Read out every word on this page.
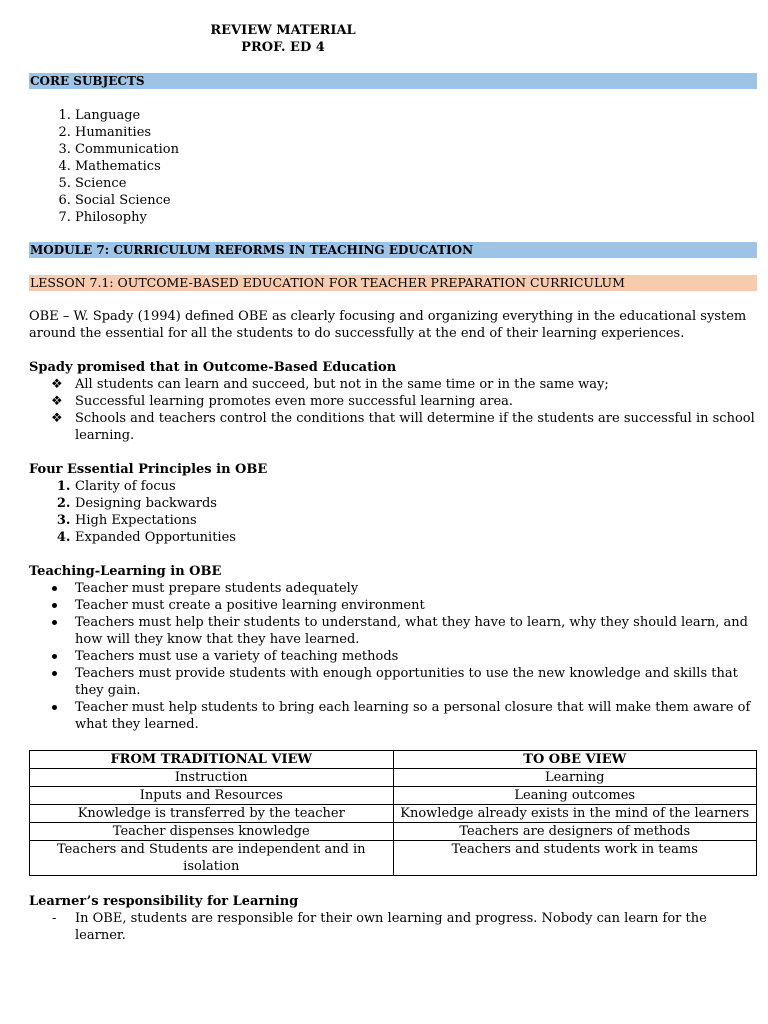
REVIEW MATERIAL
PROF. ED 4
CORE SUBJECTS
1. Language
2. Humanities
3. Communication
4. Mathematics
5. Science
6. Social Science
7. Philosophy
MODULE 7: CURRICULUM REFORMS IN TEACHING EDUCATION
LESSON 7.1: OUTCOME-BASED EDUCATION FOR TEACHER PREPARATION CURRICULUM
OBE – W. Spady (1994) defined OBE as clearly focusing and organizing everything in the educational system around the essential for all the students to do successfully at the end of their learning experiences.
Spady promised that in Outcome-Based Education
❖ All students can learn and succeed, but not in the same time or in the same way;
❖ Successful learning promotes even more successful learning area.
❖ Schools and teachers control the conditions that will determine if the students are successful in school learning.
Four Essential Principles in OBE
1. Clarity of focus
2. Designing backwards
3. High Expectations
4. Expanded Opportunities
Teaching-Learning in OBE
Teacher must prepare students adequately
Teacher must create a positive learning environment
Teachers must help their students to understand, what they have to learn, why they should learn, and how will they know that they have learned.
Teachers must use a variety of teaching methods
Teachers must provide students with enough opportunities to use the new knowledge and skills that they gain.
Teacher must help students to bring each learning so a personal closure that will make them aware of what they learned.
FROM TRADITIONAL VIEW	TO OBE VIEW
Instruction	Learning
Inputs and Resources	Leaning outcomes
Knowledge is transferred by the teacher	Knowledge already exists in the mind of the learners
Teacher dispenses knowledge	Teachers are designers of methods
Teachers and Students are independent and in isolation	Teachers and students work in teams
Learner’s responsibility for Learning
- In OBE, students are responsible for their own learning and progress. Nobody can learn for the learner.
